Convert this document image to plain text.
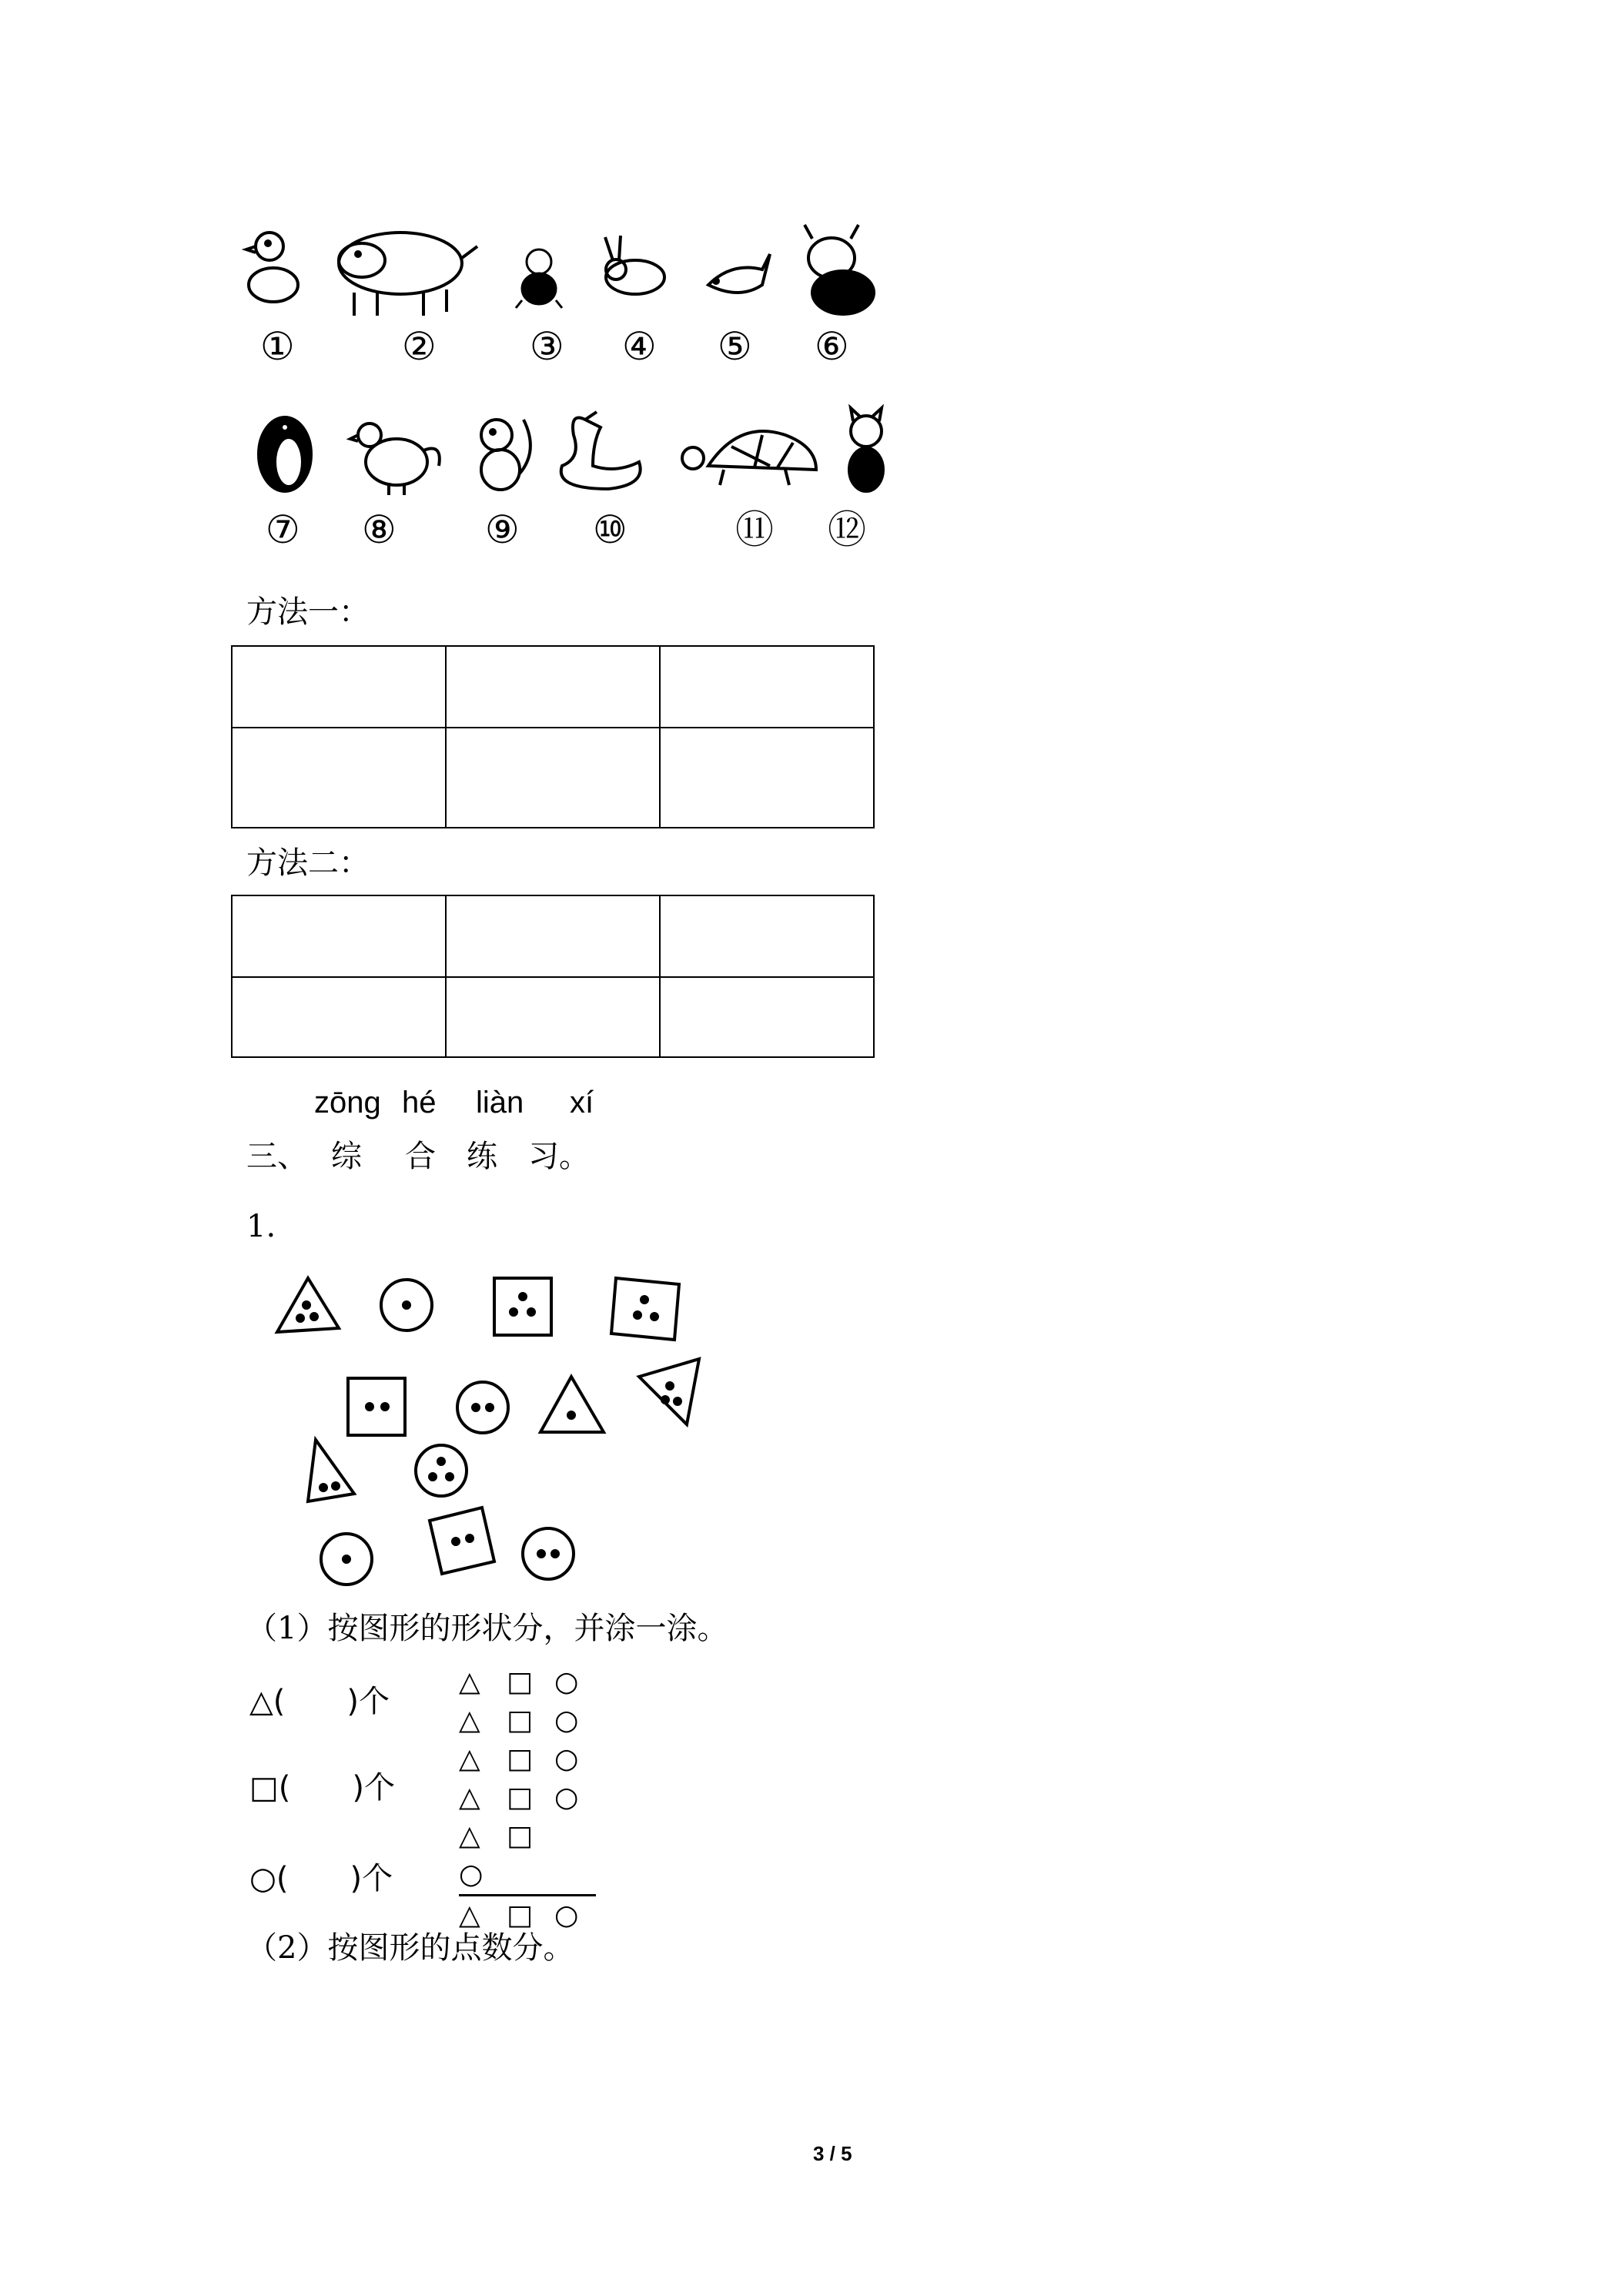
①	② ③ ④ ⑤ ⑥
⑦ ⑧ ⑨ ⑩	⑪ ⑫
方法一：

方法二：

zōng hé liàn xí
三、 综 合 练 习。
1.
（1）按图形的形状分，并涂一涂。
△(　　)个
□(　　)个
○(　　)个
△ □ ○
△ □ ○
△ □ ○
△ □ ○
△ □○
△ □ ○
（2）按图形的点数分。
3 / 5
